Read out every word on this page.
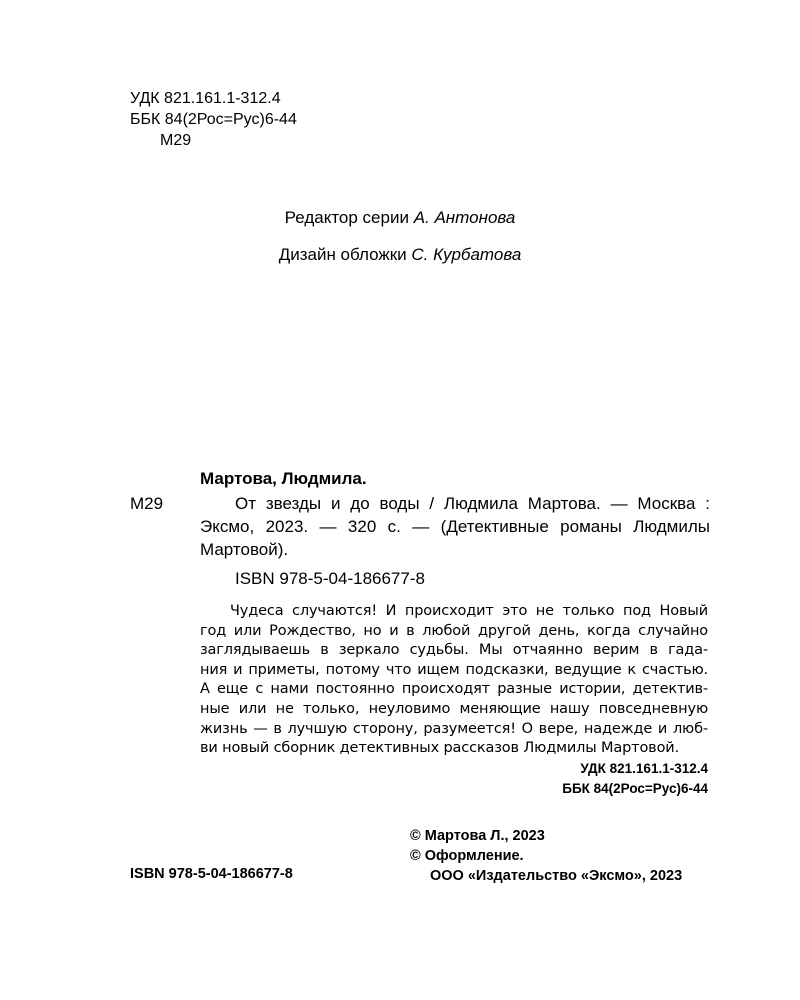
УДК 821.161.1-312.4
ББК 84(2Рос=Рус)6-44
М29
Редактор серии А. Антонова
Дизайн обложки С. Курбатова
Мартова, Людмила.
М29	От звезды и до воды / Людмила Мартова. — Москва : Эксмо, 2023. — 320 с. — (Детективные романы Людмилы Мартовой).
ISBN 978-5-04-186677-8
Чудеса случаются! И происходит это не только под Новый
год или Рождество, но и в любой другой день, когда случайно
заглядываешь в зеркало судьбы. Мы отчаянно верим в гада-
ния и приметы, потому что ищем подсказки, ведущие к счастью.
А еще с нами постоянно происходят разные истории, детектив-
ные или не только, неуловимо меняющие нашу повседневную
жизнь — в лучшую сторону, разумеется! О вере, надежде и люб-
ви новый сборник детективных рассказов Людмилы Мартовой.
УДК 821.161.1-312.4
ББК 84(2Рос=Рус)6-44
© Мартова Л., 2023
© Оформление.
ООО «Издательство «Эксмо», 2023
ISBN 978-5-04-186677-8
